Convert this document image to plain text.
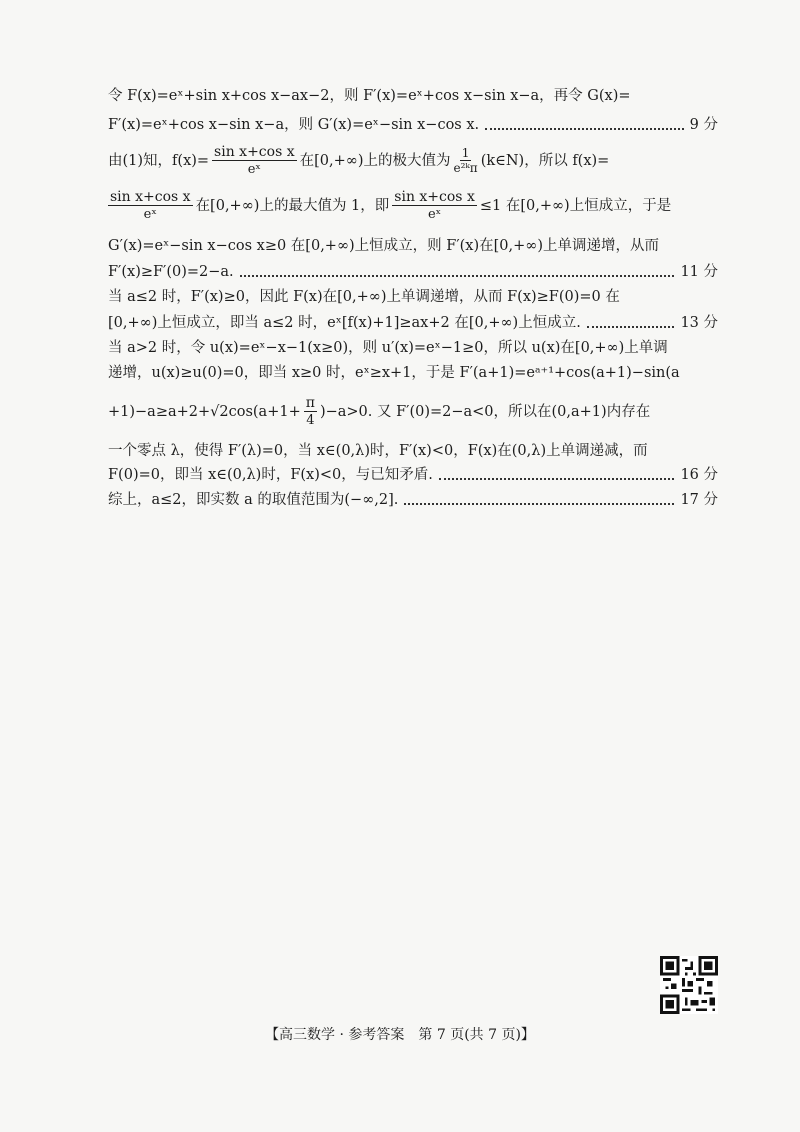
令 F(x)=eˣ+sin x+cos x−ax−2，则 F′(x)=eˣ+cos x−sin x−a，再令 G(x)=
F′(x)=eˣ+cos x−sin x−a，则 G′(x)=eˣ−sin x−cos x.	9 分
由(1)知，$f(x)= \frac{\text{sin x+cos x}}{\text{eˣ}}$ 在[0,+∞)上的极大值为 $\frac{1}{\text{e²ᵏπ}}$ (k∈N)，所以 f(x)=
$\frac{\text{sin x+cos x}}{\text{eˣ}}$ 在[0,+∞)上的最大值为 1，即 $\frac{\text{sin x+cos x}}{\text{eˣ}} \le 1$ 在[0,+∞)上恒成立，于是
G′(x)=eˣ−sin x−cos x≥0 在[0,+∞)上恒成立，则 F′(x)在[0,+∞)上单调递增，从而
F′(x)≥F′(0)=2−a.	11 分
当 a≤2 时，F′(x)≥0，因此 F(x)在[0,+∞)上单调递增，从而 F(x)≥F(0)=0 在
[0,+∞)上恒成立，即当 a≤2 时，eˣ[f(x)+1]≥ax+2 在[0,+∞)上恒成立.	13 分
当 a>2 时，令 u(x)=eˣ−x−1(x≥0)，则 u′(x)=eˣ−1≥0，所以 u(x)在[0,+∞)上单调
递增，u(x)≥u(0)=0，即当 x≥0 时，eˣ≥x+1，于是 F′(a+1)=eᵃ⁺¹+cos(a+1)−sin(a
$+1)-a\ge a+2+√2\cos(a+1+ \frac{\pi}{4} )-a>0$. 又 F′(0)=2−a<0，所以在(0,a+1)内存在
一个零点 λ，使得 F′(λ)=0，当 x∈(0,λ)时，F′(x)<0，F(x)在(0,λ)上单调递减，而
F(0)=0，即当 x∈(0,λ)时，F(x)<0，与已知矛盾.	16 分
综上，a≤2，即实数 a 的取值范围为(−∞,2].	17 分
【高三数学 · 参考答案　第 7 页(共 7 页)】
